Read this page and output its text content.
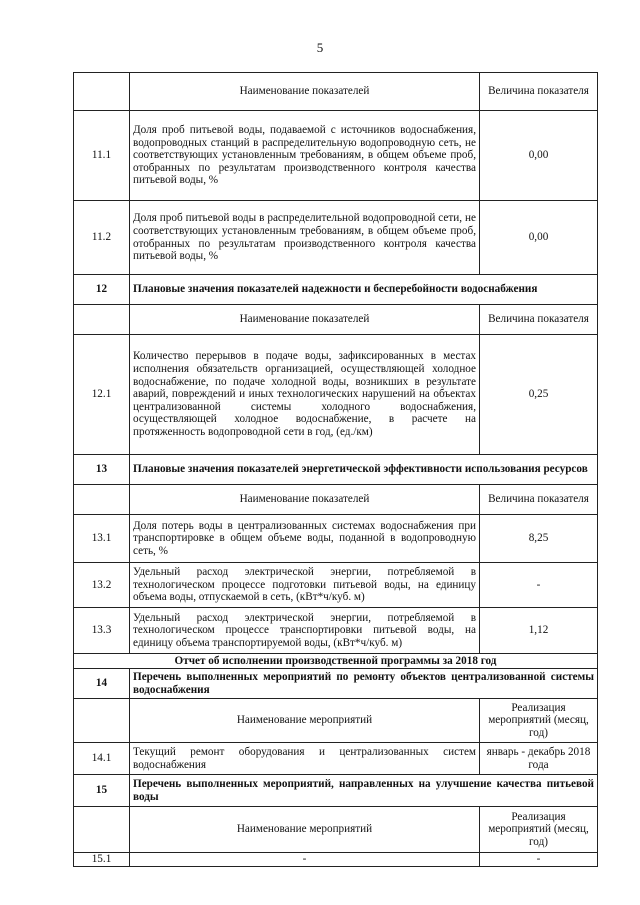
5
	Наименование показателей	Величина показателя
11.1	Доля проб питьевой воды, подаваемой с источников водоснабжения, водопроводных станций в распределительную водопроводную сеть, не соответствующих установленным требованиям, в общем объеме проб, отобранных по результатам производственного контроля качества питьевой воды, %	0,00
11.2	Доля проб питьевой воды в распределительной водопроводной сети, не соответствующих установленным требованиям, в общем объеме проб, отобранных по результатам производственного контроля качества питьевой воды, %	0,00
12	Плановые значения показателей надежности и бесперебойности водоснабжения	
	Наименование показателей	Величина показателя
12.1	Количество перерывов в подаче воды, зафиксированных в местах исполнения обязательств организацией, осуществляющей холодное водоснабжение, по подаче холодной воды, возникших в результате аварий, повреждений и иных технологических нарушений на объектах централизованной системы холодного водоснабжения, осуществляющей холодное водоснабжение, в расчете на протяженность водопроводной сети в год, (ед./км)	0,25
13	Плановые значения показателей энергетической эффективности использования ресурсов	
	Наименование показателей	Величина показателя
13.1	Доля потерь воды в централизованных системах водоснабжения при транспортировке в общем объеме воды, поданной в водопроводную сеть, %	8,25
13.2	Удельный расход электрической энергии, потребляемой в технологическом процессе подготовки питьевой воды, на единицу объема воды, отпускаемой в сеть, (кВт*ч/куб. м)	-
13.3	Удельный расход электрической энергии, потребляемой в технологическом процессе транспортировки питьевой воды, на единицу объема транспортируемой воды, (кВт*ч/куб. м)	1,12
Отчет об исполнении производственной программы за 2018 год		
14	Перечень выполненных мероприятий по ремонту объектов централизованной системы водоснабжения	
	Наименование мероприятий	Реализация мероприятий (месяц, год)
14.1	Текущий ремонт оборудования и централизованных систем водоснабжения	январь - декабрь 2018 года
15	Перечень выполненных мероприятий, направленных на улучшение качества питьевой воды	
	Наименование мероприятий	Реализация мероприятий (месяц, год)
15.1	-	-
